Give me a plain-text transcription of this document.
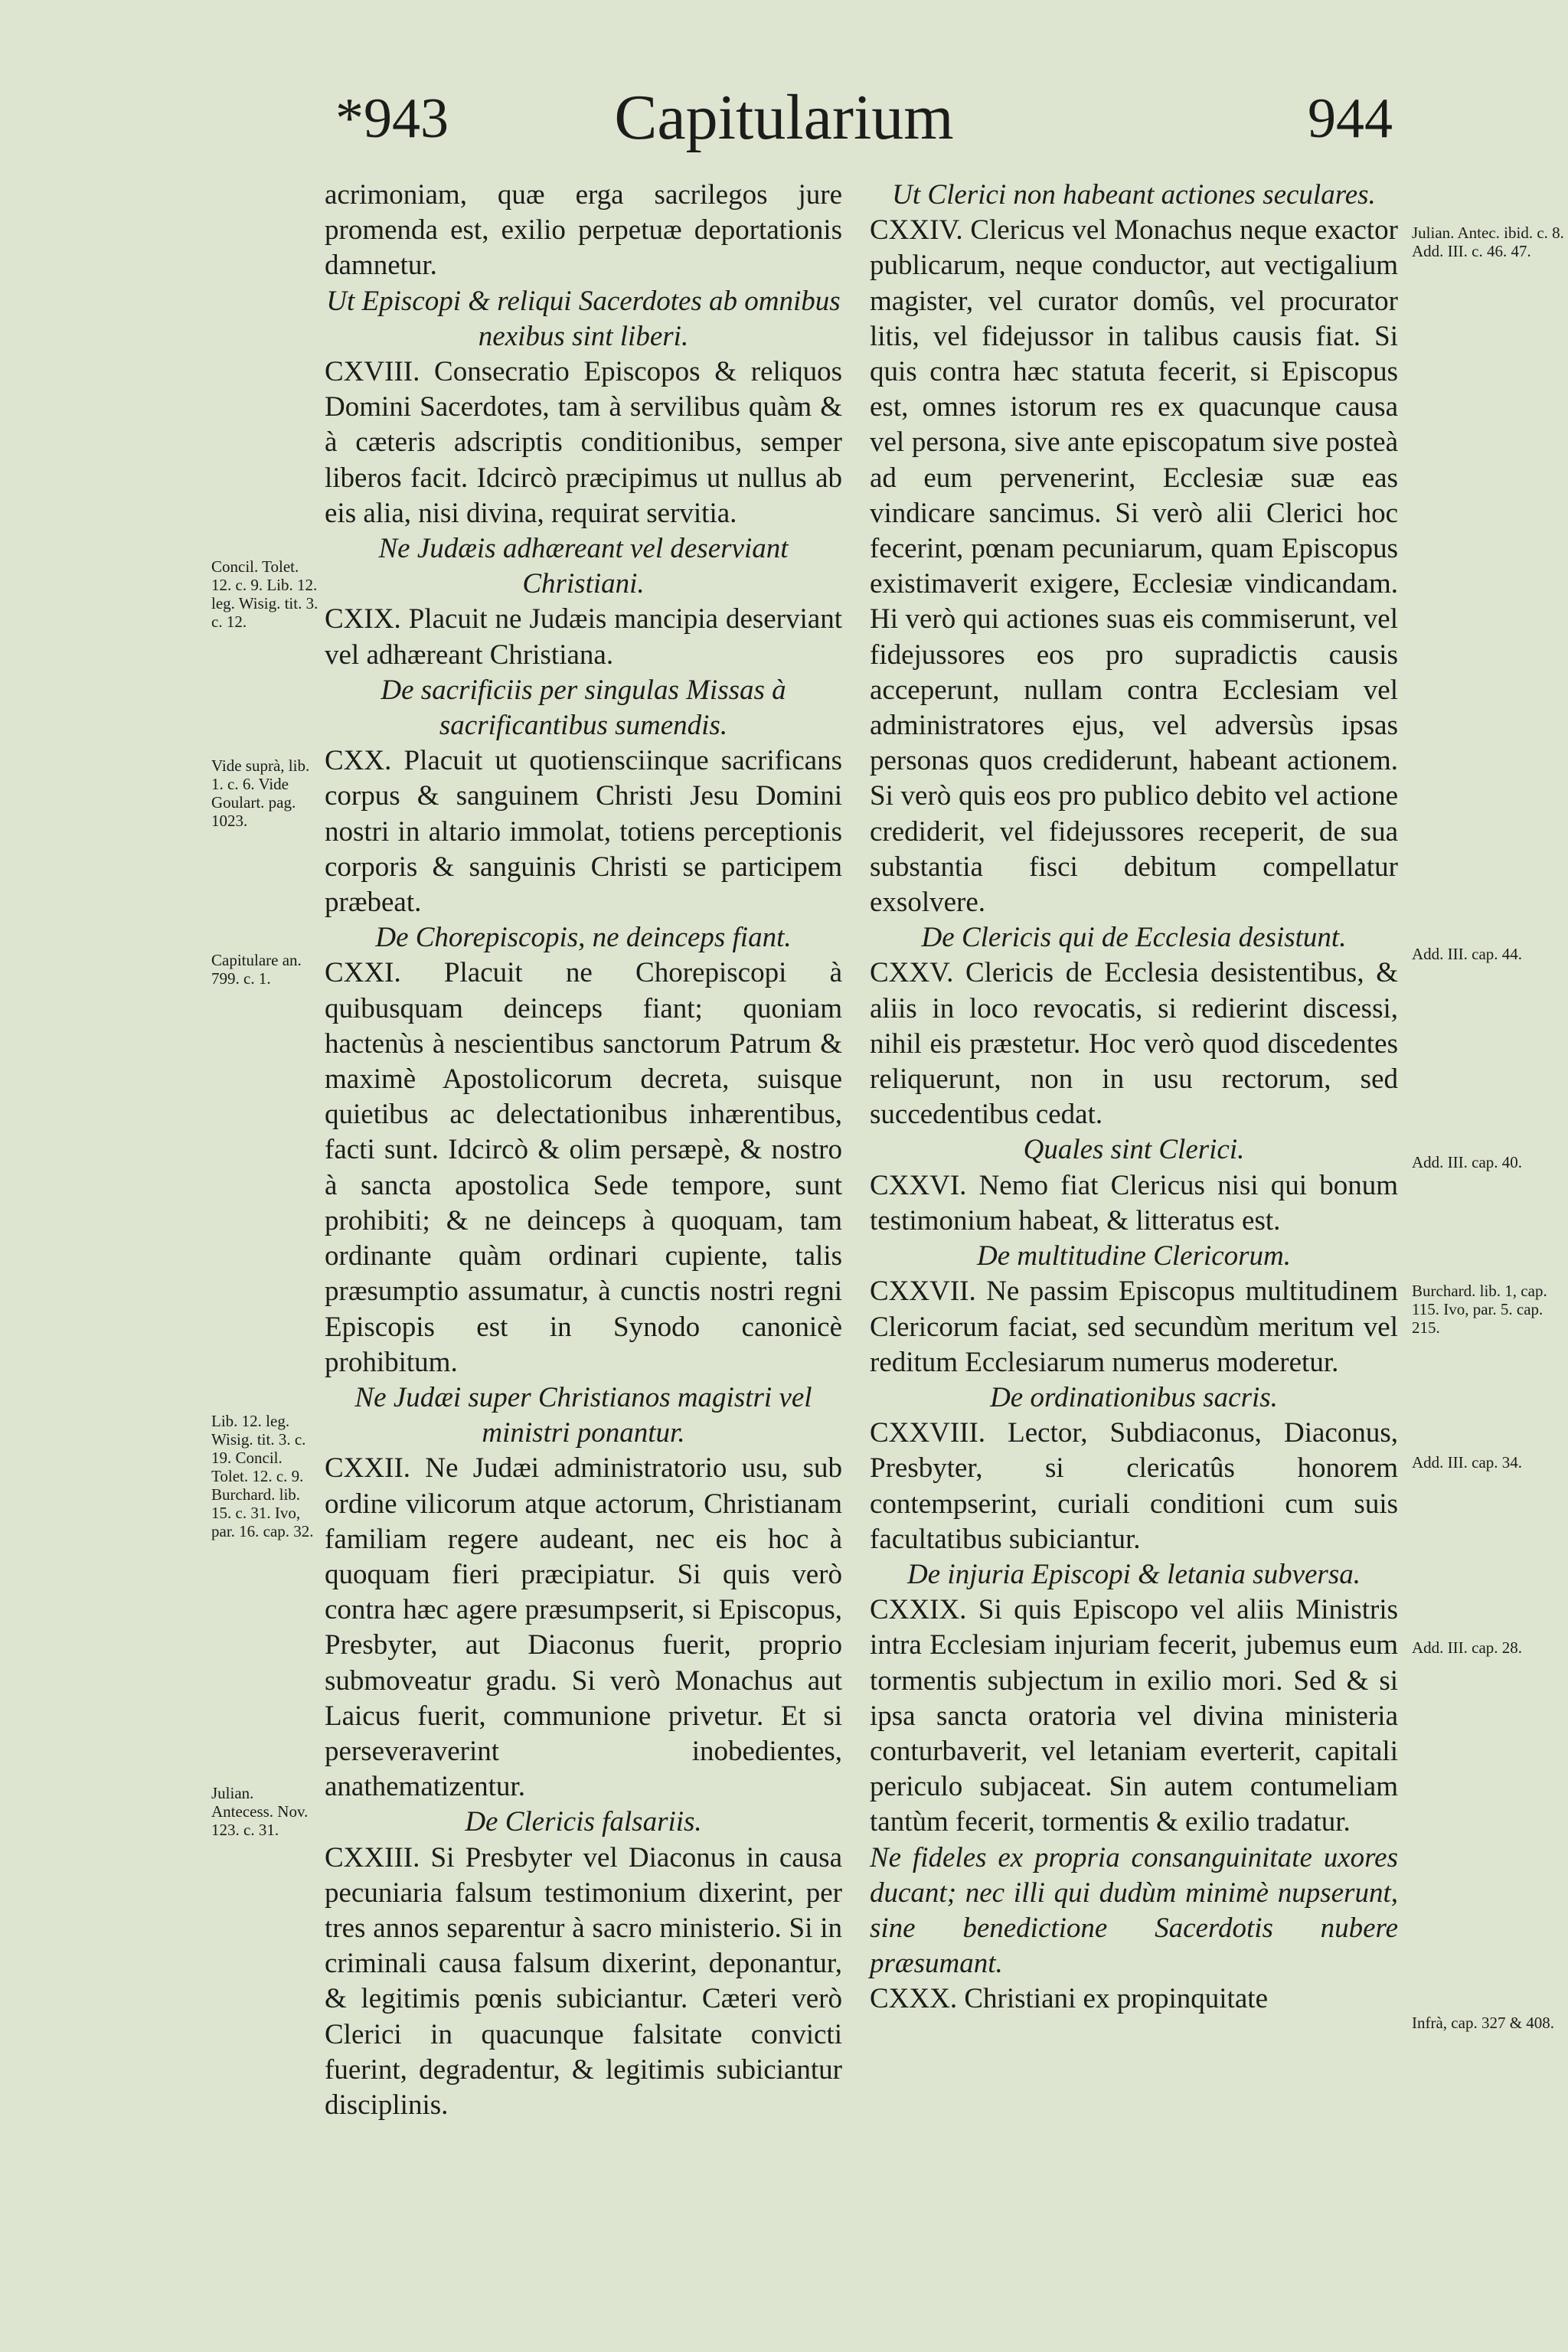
*943	Capitularium	944

acrimoniam, quæ erga sacrilegos jure promenda est, exilio perpetuæ deportationis damnetur.

Ut Episcopi & reliqui Sacerdotes ab omnibus nexibus sint liberi.

CXVIII. Consecratio Episcopos & reliquos Domini Sacerdotes, tam à servilibus quàm & à cæteris adscriptis conditionibus, semper liberos facit. Idcircò præcipimus ut nullus ab eis alia, nisi divina, requirat servitia.

Ne Judæis adhæreant vel deserviant Christiani.

CXIX. Placuit ne Judæis mancipia deserviant vel adhæreant Christiana.

De sacrificiis per singulas Missas à sacrificantibus sumendis.

CXX. Placuit ut quotiensciinque sacrificans corpus & sanguinem Christi Jesu Domini nostri in altario immolat, totiens perceptionis corporis & sanguinis Christi se participem præbeat.

De Chorepiscopis, ne deinceps fiant.

CXXI. Placuit ne Chorepiscopi à quibusquam deinceps fiant; quoniam hactenùs à nescientibus sanctorum Patrum & maximè Apostolicorum decreta, suisque quietibus ac delectationibus inhærentibus, facti sunt. Idcircò & olim persæpè, & nostro à sancta apostolica Sede tempore, sunt prohibiti; & ne deinceps à quoquam, tam ordinante quàm ordinari cupiente, talis præsumptio assumatur, à cunctis nostri regni Episcopis est in Synodo canonicè prohibitum.

Ne Judæi super Christianos magistri vel ministri ponantur.

CXXII. Ne Judæi administratorio usu, sub ordine vilicorum atque actorum, Christianam familiam regere audeant, nec eis hoc à quoquam fieri præcipiatur. Si quis verò contra hæc agere præsumpserit, si Episcopus, Presbyter, aut Diaconus fuerit, proprio submoveatur gradu. Si verò Monachus aut Laicus fuerit, communione privetur. Et si perseveraverint inobedientes, anathematizentur.

De Clericis falsariis.

CXXIII. Si Presbyter vel Diaconus in causa pecuniaria falsum testimonium dixerint, per tres annos separentur à sacro ministerio. Si in criminali causa falsum dixerint, deponantur, & legitimis pœnis subiciantur. Cæteri verò Clerici in quacunque falsitate convicti fuerint, degradentur, & legitimis subiciantur disciplinis.

Ut Clerici non habeant actiones seculares.

CXXIV. Clericus vel Monachus neque exactor publicarum, neque conductor, aut vectigalium magister, vel curator domûs, vel procurator litis, vel fidejussor in talibus causis fiat. Si quis contra hæc statuta fecerit, si Episcopus est, omnes istorum res ex quacunque causa vel persona, sive ante episcopatum sive posteà ad eum pervenerint, Ecclesiæ suæ eas vindicare sancimus. Si verò alii Clerici hoc fecerint, pœnam pecuniarum, quam Episcopus existimaverit exigere, Ecclesiæ vindicandam. Hi verò qui actiones suas eis commiserunt, vel fidejussores eos pro supradictis causis acceperunt, nullam contra Ecclesiam vel administratores ejus, vel adversùs ipsas personas quos crediderunt, habeant actionem. Si verò quis eos pro publico debito vel actione crediderit, vel fidejussores receperit, de sua substantia fisci debitum compellatur exsolvere.

De Clericis qui de Ecclesia desistunt.

CXXV. Clericis de Ecclesia desistentibus, & aliis in loco revocatis, si redierint discessi, nihil eis præstetur. Hoc verò quod discedentes reliquerunt, non in usu rectorum, sed succedentibus cedat.

Quales sint Clerici.

CXXVI. Nemo fiat Clericus nisi qui bonum testimonium habeat, & litteratus est.

De multitudine Clericorum.

CXXVII. Ne passim Episcopus multitudinem Clericorum faciat, sed secundùm meritum vel reditum Ecclesiarum numerus moderetur.

De ordinationibus sacris.

CXXVIII. Lector, Subdiaconus, Diaconus, Presbyter, si clericatûs honorem contempserint, curiali conditioni cum suis facultatibus subiciantur.

De injuria Episcopi & letania subversa.

CXXIX. Si quis Episcopo vel aliis Ministris intra Ecclesiam injuriam fecerit, jubemus eum tormentis subjectum in exilio mori. Sed & si ipsa sancta oratoria vel divina ministeria conturbaverit, vel letaniam everterit, capitali periculo subjaceat. Sin autem contumeliam tantùm fecerit, tormentis & exilio tradatur.

Ne fideles ex propria consanguinitate uxores ducant; nec illi qui dudùm minimè nupserunt, sine benedictione Sacerdotis nubere præsumant.

CXXX. Christiani ex propinquitate

Concil. Tolet. 12. c. 9. Lib. 12. leg. Wisig. tit. 3. c. 12.
Vide suprà, lib. 1. c. 6. Vide Goulart. pag. 1023.
Capitulare an. 799. c. 1.
Lib. 12. leg. Wisig. tit. 3. c. 19. Concil. Tolet. 12. c. 9. Burchard. lib. 15. c. 31. Ivo, par. 16. cap. 32.
Julian. Antecess. Nov. 123. c. 31.
Julian. Antec. ibid. c. 8. Add. III. c. 46. 47.
Add. III. cap. 44.
Add. III. cap. 40.
Burchard. lib. 1, cap. 115. Ivo, par. 5. cap. 215.
Add. III. cap. 34.
Add. III. cap. 28.
Infrà, cap. 327 & 408.
